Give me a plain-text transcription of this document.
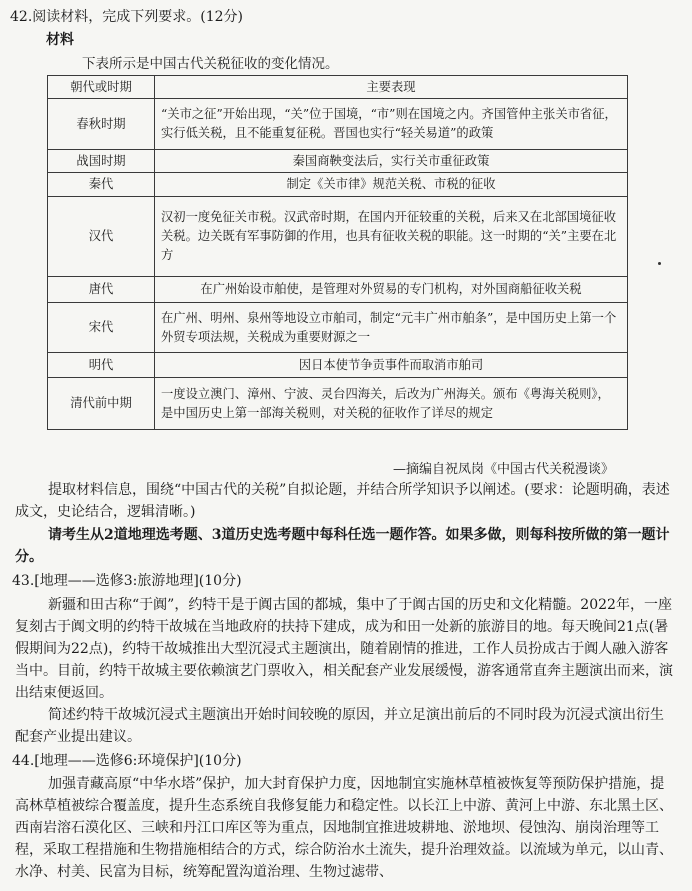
42.阅读材料，完成下列要求。(12分)
材料
下表所示是中国古代关税征收的变化情况。
朝代或时期	主要表现
春秋时期	“关市之征”开始出现，“关”位于国境，“市”则在国境之内。齐国管仲主张关市省征，实行低关税，且不能重复征税。晋国也实行“轻关易道”的政策
战国时期	秦国商鞅变法后，实行关市重征政策
秦代	制定《关市律》规范关税、市税的征收
汉代	汉初一度免征关市税。汉武帝时期，在国内开征较重的关税，后来又在北部国境征收关税。边关既有军事防御的作用，也具有征收关税的职能。这一时期的“关”主要在北方
唐代	在广州始设市舶使，是管理对外贸易的专门机构，对外国商船征收关税
宋代	在广州、明州、泉州等地设立市舶司，制定“元丰广州市舶条”，是中国历史上第一个外贸专项法规，关税成为重要财源之一
明代	因日本使节争贡事件而取消市舶司
清代前中期	一度设立澳门、漳州、宁波、灵台四海关，后改为广州海关。颁布《粤海关税则》，是中国历史上第一部海关税则，对关税的征收作了详尽的规定
—摘编自祝凤岗《中国古代关税漫谈》
提取材料信息，围绕“中国古代的关税”自拟论题，并结合所学知识予以阐述。(要求：论题明确，表述成文，史论结合，逻辑清晰。)
请考生从2道地理选考题、3道历史选考题中每科任选一题作答。如果多做，则每科按所做的第一题计分。
43.[地理——选修3:旅游地理](10分)
新疆和田古称“于阗”，约特干是于阗古国的都城，集中了于阗古国的历史和文化精髓。2022年，一座复刻古于阗文明的约特干故城在当地政府的扶持下建成，成为和田一处新的旅游目的地。每天晚间21点(暑假期间为22点)，约特干故城推出大型沉浸式主题演出，随着剧情的推进，工作人员扮成古于阗人融入游客当中。目前，约特干故城主要依赖演艺门票收入，相关配套产业发展缓慢，游客通常直奔主题演出而来，演出结束便返回。
简述约特干故城沉浸式主题演出开始时间较晚的原因，并立足演出前后的不同时段为沉浸式演出衍生配套产业提出建议。
44.[地理——选修6:环境保护](10分)
加强青藏高原“中华水塔”保护，加大封育保护力度，因地制宜实施林草植被恢复等预防保护措施，提高林草植被综合覆盖度，提升生态系统自我修复能力和稳定性。以长江上中游、黄河上中游、东北黑土区、西南岩溶石漠化区、三峡和丹江口库区等为重点，因地制宜推进坡耕地、淤地坝、侵蚀沟、崩岗治理等工程，采取工程措施和生物措施相结合的方式，综合防治水土流失，提升治理效益。以流域为单元，以山青、水净、村美、民富为目标，统筹配置沟道治理、生物过滤带、
